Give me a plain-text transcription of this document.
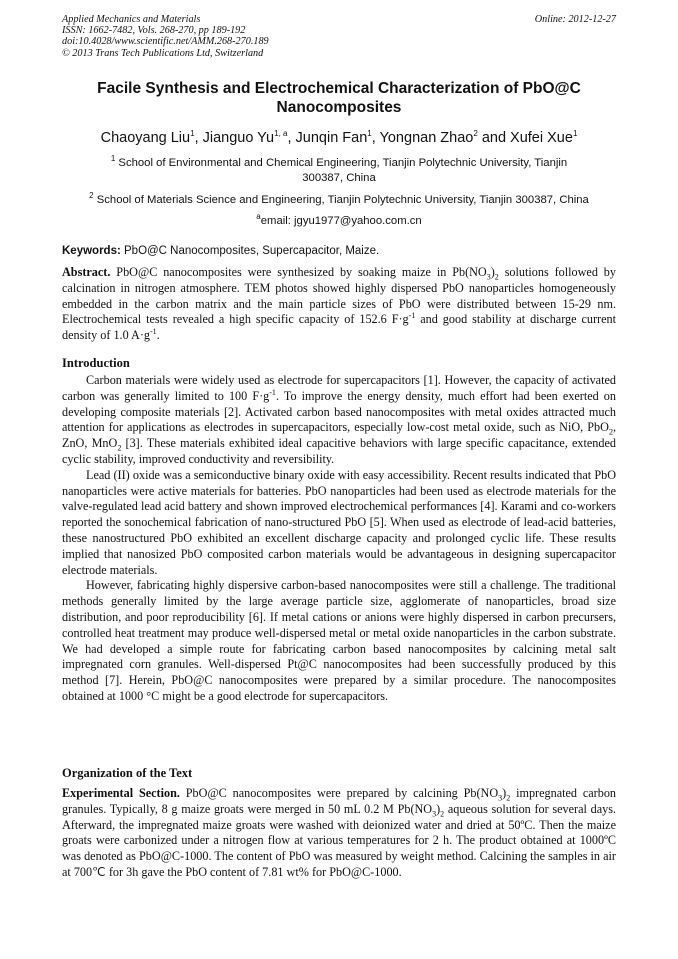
Applied Mechanics and Materials
ISSN: 1662-7482, Vols. 268-270, pp 189-192
doi:10.4028/www.scientific.net/AMM.268-270.189
© 2013 Trans Tech Publications Ltd, Switzerland
Online: 2012-12-27
Facile Synthesis and Electrochemical Characterization of PbO@C
Nanocomposites
Chaoyang Liu$^1$, Jianguo Yu$^{1, a}$, Junqin Fan$^1$, Yongnan Zhao$^2$ and Xufei Xue$^1$
$^1$ School of Environmental and Chemical Engineering, Tianjin Polytechnic University, Tianjin
300387, China
$^2$ School of Materials Science and Engineering, Tianjin Polytechnic University, Tianjin 300387, China
$^a$email: jgyu1977@yahoo.com.cn
Keywords: PbO@C Nanocomposites, Supercapacitor, Maize.

Abstract. PbO@C nanocomposites were synthesized by soaking maize in $Pb(NO_3)_2$ solutions followed by calcination in nitrogen atmosphere. TEM photos showed highly dispersed PbO nanoparticles homogeneously embedded in the carbon matrix and the main particle sizes of PbO were distributed between 15-29 nm. Electrochemical tests revealed a high specific capacity of 152.6 $F\cdot g^{-1}$ and good stability at discharge current density of 1.0 $A\cdot g^{-1}$.

Introduction

Carbon materials were widely used as electrode for supercapacitors [1]. However, the capacity of activated carbon was generally limited to 100 $F\cdot g^{-1}$. To improve the energy density, much effort had been exerted on developing composite materials [2]. Activated carbon based nanocomposites with metal oxides attracted much attention for applications as electrodes in supercapacitors, especially low-cost metal oxide, such as NiO, PbO$_2$, ZnO, MnO$_2$ [3]. These materials exhibited ideal capacitive behaviors with large specific capacitance, extended cyclic stability, improved conductivity and reversibility.

Lead (II) oxide was a semiconductive binary oxide with easy accessibility. Recent results indicated that PbO nanoparticles were active materials for batteries. PbO nanoparticles had been used as electrode materials for the valve-regulated lead acid battery and shown improved electrochemical performances [4]. Karami and co-workers reported the sonochemical fabrication of nano-structured PbO [5]. When used as electrode of lead-acid batteries, these nanostructured PbO exhibited an excellent discharge capacity and prolonged cyclic life. These results implied that nanosized PbO composited carbon materials would be advantageous in designing supercapacitor electrode materials.

However, fabricating highly dispersive carbon-based nanocomposites were still a challenge. The traditional methods generally limited by the large average particle size, agglomerate of nanoparticles, broad size distribution, and poor reproducibility [6]. If metal cations or anions were highly dispersed in carbon precursers, controlled heat treatment may produce well-dispersed metal or metal oxide nanoparticles in the carbon substrate. We had developed a simple route for fabricating carbon based nanocomposites by calcining metal salt impregnated corn granules. Well-dispersed Pt@C nanocomposites had been successfully produced by this method [7]. Herein, PbO@C nanocomposites were prepared by a similar procedure. The nanocomposites obtained at 1000 °C might be a good electrode for supercapacitors.

Organization of the Text

Experimental Section. PbO@C nanocomposites were prepared by calcining $Pb(NO_3)_2$ impregnated carbon granules. Typically, 8 g maize groats were merged in 50 mL 0.2 M $Pb(NO_3)_2$ aqueous solution for several days. Afterward, the impregnated maize groats were washed with deionized water and dried at 50ºC. Then the maize groats were carbonized under a nitrogen flow at various temperatures for 2 h. The product obtained at 1000ºC was denoted as PbO@C-1000. The content of PbO was measured by weight method. Calcining the samples in air at 700℃ for 3h gave the PbO content of 7.81 wt% for PbO@C-1000.
